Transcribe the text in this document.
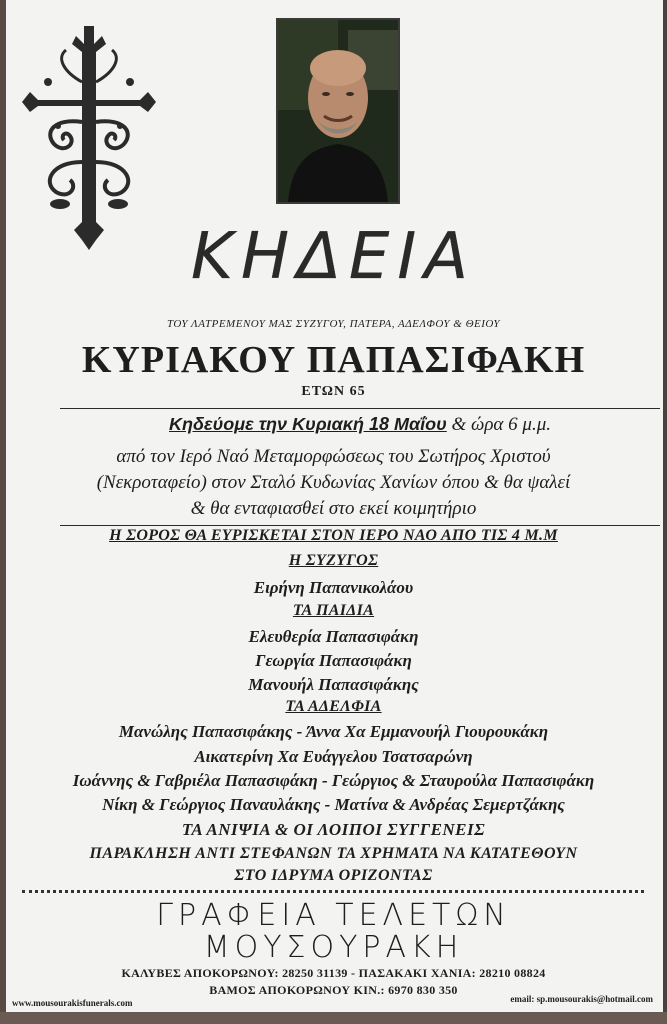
ΚΗΔΕΙΑ
ΤΟΥ ΛΑΤΡΕΜΕΝΟΥ ΜΑΣ ΣΥΖΥΓΟΥ, ΠΑΤΕΡΑ, ΑΔΕΛΦΟΥ & ΘΕΙΟΥ
ΚΥΡΙΑΚΟΥ ΠΑΠΑΣΙΦΑΚΗ
ΕΤΩΝ 65
Κηδεύομε την Κυριακή 18 Μαΐου & ώρα 6 μ.μ.
από τον Ιερό Ναό Μεταμορφώσεως του Σωτήρος Χριστού
(Νεκροταφείο) στον Σταλό Κυδωνίας Χανίων όπου & θα ψαλεί
& θα ενταφιασθεί στο εκεί κοιμητήριο
Η ΣΟΡΟΣ ΘΑ ΕΥΡΙΣΚΕΤΑΙ ΣΤΟΝ ΙΕΡΟ ΝΑΟ ΑΠΟ ΤΙΣ 4 Μ.Μ
Η ΣΥΖΥΓΟΣ
Ειρήνη Παπανικολάου
ΤΑ ΠΑΙΔΙΑ
Ελευθερία Παπασιφάκη
Γεωργία Παπασιφάκη
Μανουήλ Παπασιφάκης
ΤΑ ΑΔΕΛΦΙΑ
Μανώλης Παπασιφάκης - Άννα Χα Εμμανουήλ Γιουρουκάκη
Αικατερίνη Χα Ευάγγελου Τσατσαρώνη
Ιωάννης & Γαβριέλα Παπασιφάκη - Γεώργιος & Σταυρούλα Παπασιφάκη
Νίκη & Γεώργιος Παναυλάκης - Ματίνα & Ανδρέας Σεμερτζάκης
ΤΑ ΑΝΙΨΙΑ & ΟΙ ΛΟΙΠΟΙ ΣΥΓΓΕΝΕΙΣ
ΠΑΡΑΚΛΗΣΗ ΑΝΤΙ ΣΤΕΦΑΝΩΝ ΤΑ ΧΡΗΜΑΤΑ ΝΑ ΚΑΤΑΤΕΘΟΥΝ
ΣΤΟ ΙΔΡΥΜΑ ΟΡΙΖΟΝΤΑΣ
ΓΡΑΦΕΙΑ ΤΕΛΕΤΩΝ
ΜΟΥΣΟΥΡΑΚΗ
ΚΑΛΥΒΕΣ ΑΠΟΚΟΡΩΝΟΥ: 28250 31139 - ΠΑΣΑΚΑΚΙ ΧΑΝΙΑ: 28210 08824
ΒΑΜΟΣ ΑΠΟΚΟΡΩΝΟΥ ΚΙΝ.: 6970 830 350
www.mousourakisfunerals.com	email: sp.mousourakis@hotmail.com
